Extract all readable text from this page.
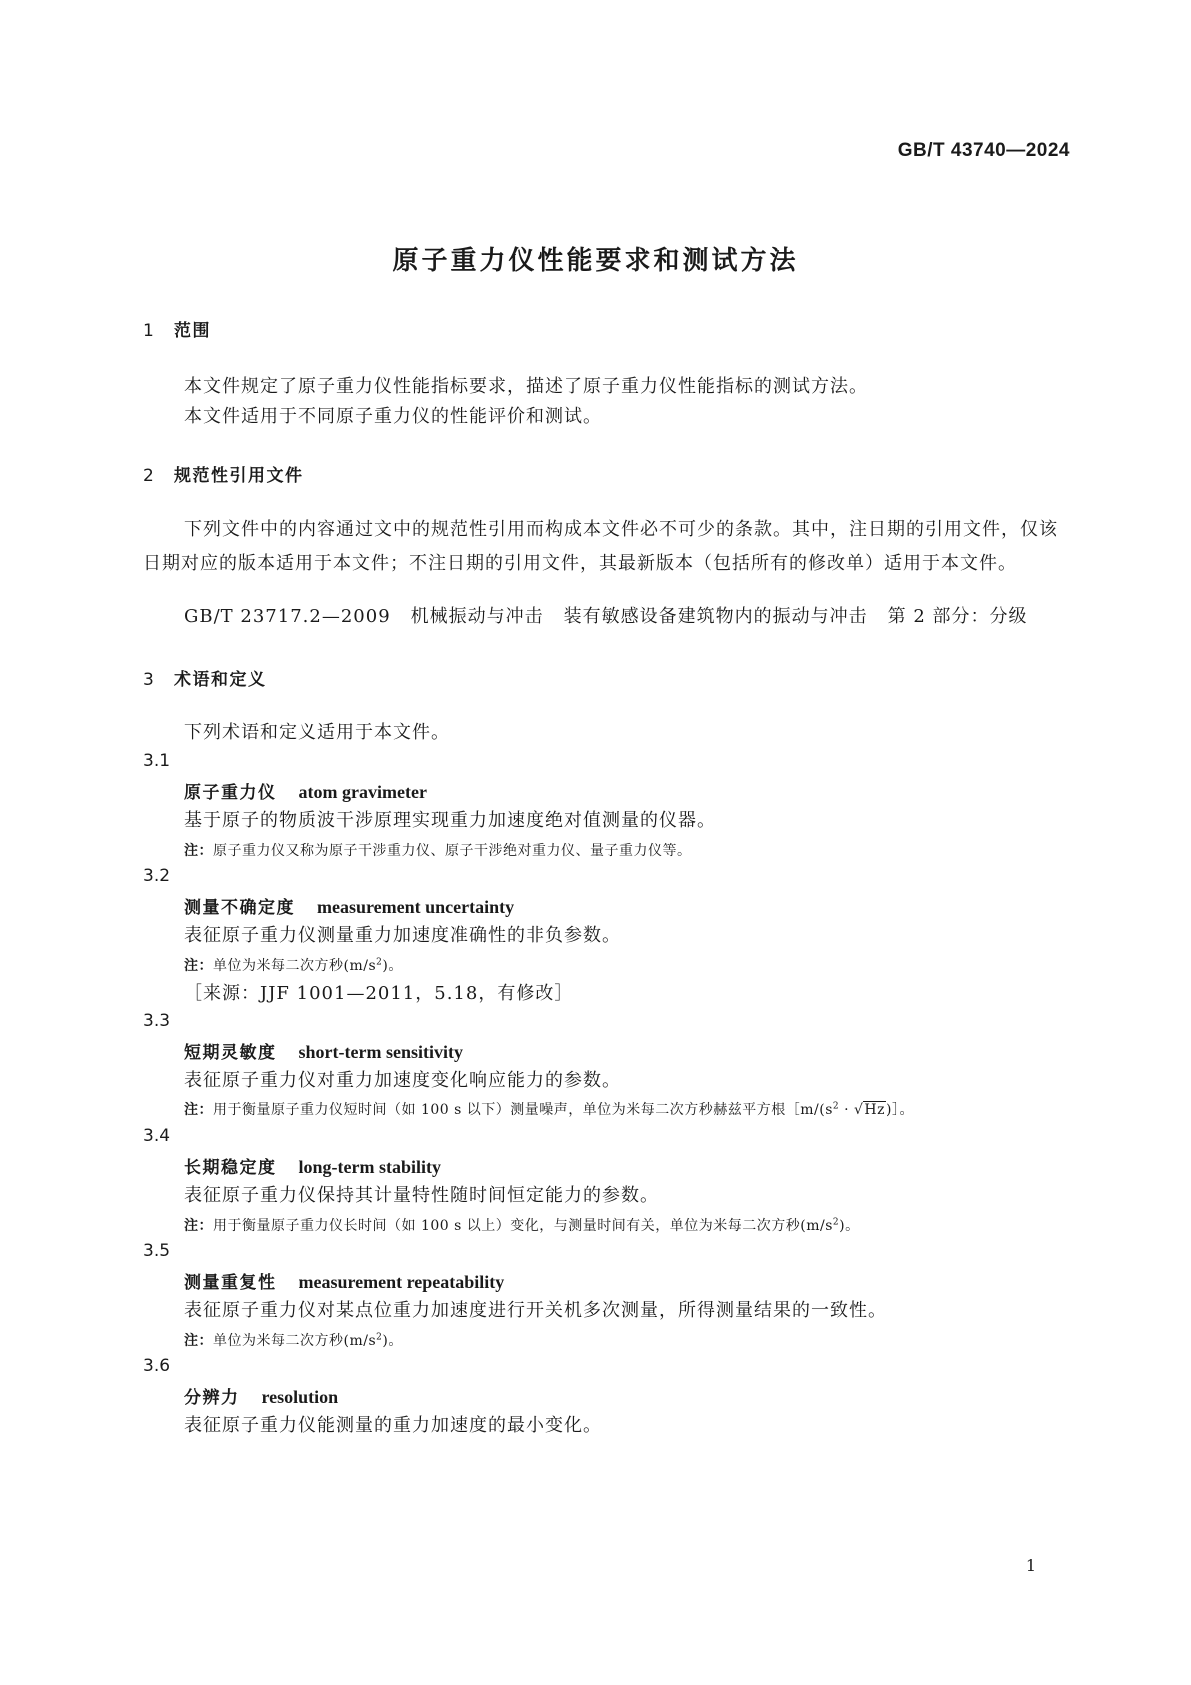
GB/T 43740—2024
原子重力仪性能要求和测试方法
1 范围
本文件规定了原子重力仪性能指标要求，描述了原子重力仪性能指标的测试方法。
本文件适用于不同原子重力仪的性能评价和测试。
2 规范性引用文件
下列文件中的内容通过文中的规范性引用而构成本文件必不可少的条款。其中，注日期的引用文件，仅该日期对应的版本适用于本文件；不注日期的引用文件，其最新版本（包括所有的修改单）适用于本文件。
GB/T 23717.2—2009 机械振动与冲击 装有敏感设备建筑物内的振动与冲击 第 2 部分：分级
3 术语和定义
下列术语和定义适用于本文件。
3.1
原子重力仪 atom gravimeter
基于原子的物质波干涉原理实现重力加速度绝对值测量的仪器。
注：原子重力仪又称为原子干涉重力仪、原子干涉绝对重力仪、量子重力仪等。
3.2
测量不确定度 measurement uncertainty
表征原子重力仪测量重力加速度准确性的非负参数。
注：单位为米每二次方秒$(m/s^2)$。
［来源：JJF 1001—2011，5.18，有修改］
3.3
短期灵敏度 short-term sensitivity
表征原子重力仪对重力加速度变化响应能力的参数。
注：用于衡量原子重力仪短时间（如 100 s 以下）测量噪声，单位为米每二次方秒赫兹平方根$[m/(s^2$ · √Hz)］。
3.4
长期稳定度 long-term stability
表征原子重力仪保持其计量特性随时间恒定能力的参数。
注：用于衡量原子重力仪长时间（如 100 s 以上）变化，与测量时间有关，单位为米每二次方秒$(m/s^2)$。
3.5
测量重复性 measurement repeatability
表征原子重力仪对某点位重力加速度进行开关机多次测量，所得测量结果的一致性。
注：单位为米每二次方秒$(m/s^2)$。
3.6
分辨力 resolution
表征原子重力仪能测量的重力加速度的最小变化。
1
